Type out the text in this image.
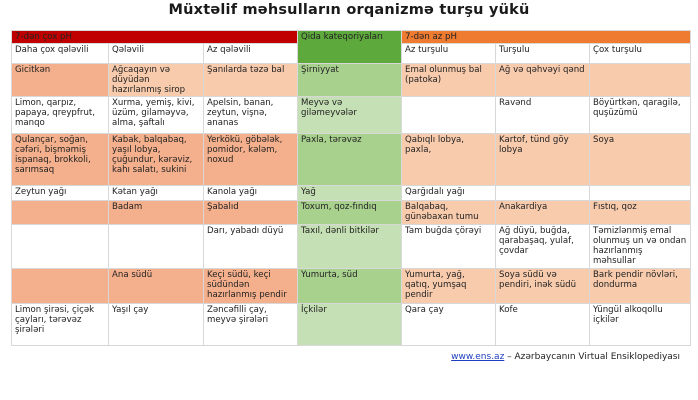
Müxtəlif məhsulların orqanizmə turşu yükü
7-dən çox pH			Qida kateqoriyaları	7-dən az pH		
Daha çox qələvili	Qələvili	Az qələvili		Az turşulu	Turşulu	Çox turşulu
Gicitkən	Ağcaqayın və düyüdən hazırlanmış sirop	Şanılarda təzə bal	Şirniyyat	Emal olunmuş bal (patoka)	Ağ və qəhvəyi qənd	
Limon, qarpız, papaya, qreypfrut, manqo	Xurma, yemiş, kivi, üzüm, gilaməyvə, alma, şaftalı	Apelsin, banan, zeytun, vişnə, ananas	Meyvə və giləmeyvələr		Ravənd	Böyürtkən, qaragilə, quşüzümü
Qulançar, soğan, cəfəri, bişməmiş ispanaq, brokkoli, sarımsaq	Kabak, balqabaq, yaşıl lobya, çuğundur, kərəviz, kahı salatı, sukini	Yerkökü, göbələk, pomidor, kələm, noxud	Paxla, tərəvəz	Qabıqlı lobya, paxla,	Kartof, tünd göy lobya	Soya
Zeytun yağı	Kətan yağı	Kanola yağı	Yağ	Qarğıdalı yağı		
	Badam	Şabalıd	Toxum, qoz-fındıq	Balqabaq, günəbaxan tumu	Anakardiya	Fıstıq, qoz
		Darı, yabadı düyü	Taxıl, dənli bitkilər	Tam buğda çörəyi	Ağ düyü, buğda, qarabaşaq, yulaf, çovdar	Təmizlənmiş emal olunmuş un və ondan hazırlanmış məhsullar
	Ana südü	Keçi südü, keçi südündən hazırlanmış pendir	Yumurta, süd	Yumurta, yağ, qatıq, yumşaq pendir	Soya südü və pendiri, inək südü	Bark pendir növləri, dondurma
Limon şirəsi, çiçək çayları, tərəvəz şirələri	Yaşıl çay	Zəncəfilli çay, meyvə şirələri	İçkilər	Qara çay	Kofe	Yüngül alkoqollu içkilər
www.ens.az – Azərbaycanın Virtual Ensiklopediyası
